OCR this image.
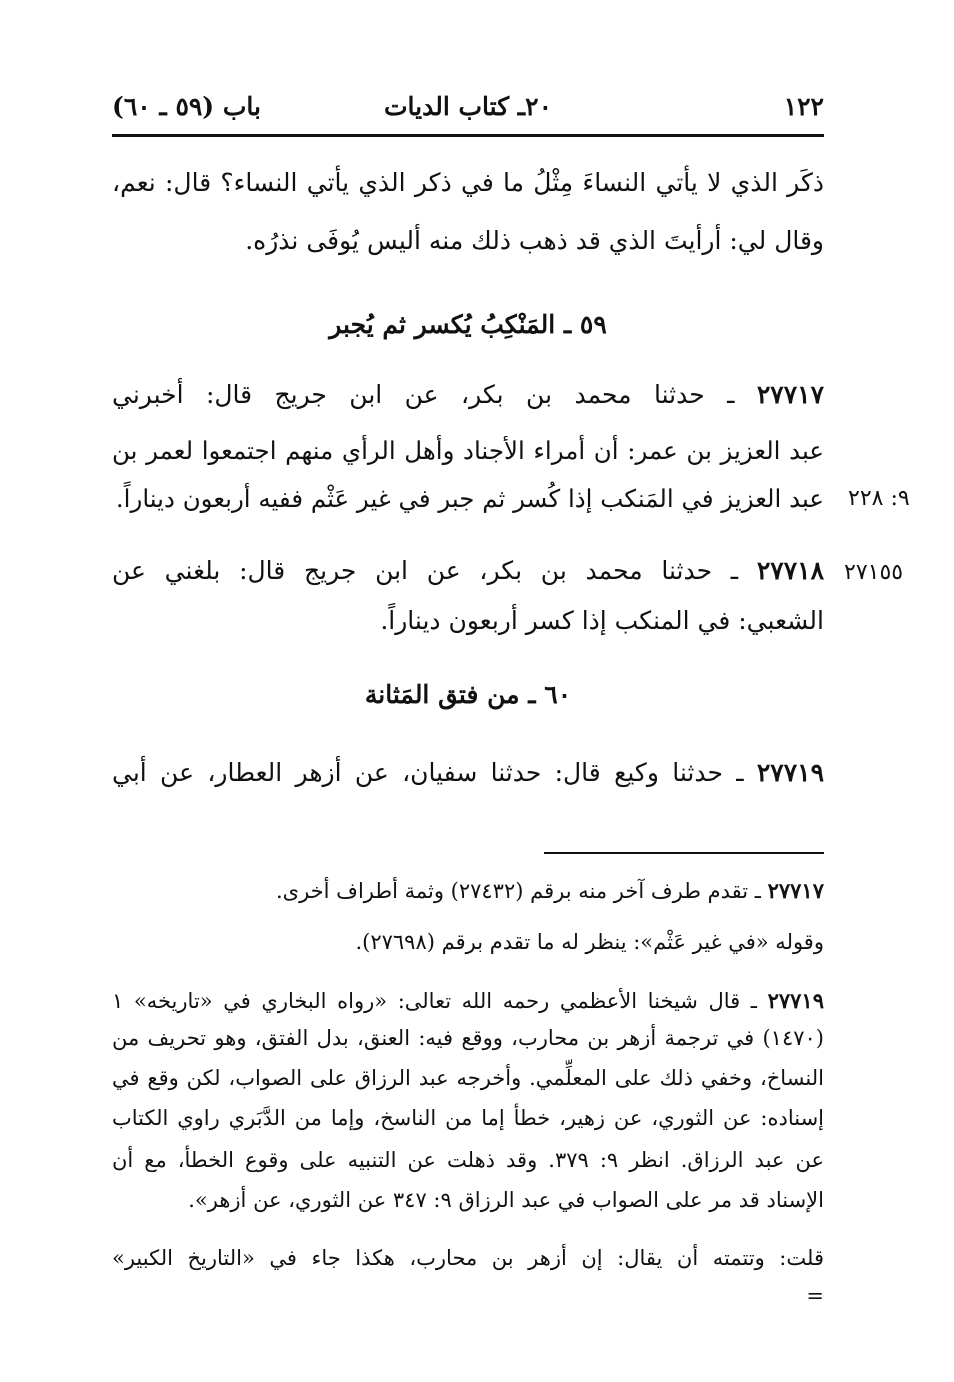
١٢٢
٢٠ـ كتاب الديات
باب (٥٩ ـ ٦٠)
ذكَر الذي لا يأتي النساءَ مِثْلُ ما في ذكر الذي يأتي النساء؟ قال: نعم،
وقال لي: أرأيتَ الذي قد ذهب ذلك منه أليس يُوفَى نذرُه.
٥٩ ـ المَنْكِبُ يُكسر ثم يُجبر
٢٧٧١٧ ـ حدثنا محمد بن بكر، عن ابن جريج قال: أخبرني
عبد العزيز بن عمر: أن أمراء الأجناد وأهل الرأي منهم اجتمعوا لعمر بن
عبد العزيز في المَنكب إذا كُسر ثم جبر في غير عَثْم ففيه أربعون ديناراً. ٩: ٢٢٨
٢٧٧١٨ ـ حدثنا محمد بن بكر، عن ابن جريج قال: بلغني عن
الشعبي: في المنكب إذا كسر أربعون ديناراً.
٢٧١٥٥
٦٠ ـ من فتق المَثانة
٢٧٧١٩ ـ حدثنا وكيع قال: حدثنا سفيان، عن أزهر العطار، عن أبي
٢٧٧١٧ ـ تقدم طرف آخر منه برقم (٢٧٤٣٢) وثمة أطراف أخرى.
وقوله «في غير عَثْم»: ينظر له ما تقدم برقم (٢٧٦٩٨).
٢٧٧١٩ ـ قال شيخنا الأعظمي رحمه الله تعالى: «رواه البخاري في «تاريخه» ١
(١٤٧٠) في ترجمة أزهر بن محارب، ووقع فيه: العنق، بدل الفتق، وهو تحريف من
النساخ، وخفي ذلك على المعلِّمي. وأخرجه عبد الرزاق على الصواب، لكن وقع في
إسناده: عن الثوري، عن زهير، خطأ إما من الناسخ، وإما من الدَّبَري راوي الكتاب
عن عبد الرزاق. انظر ٩: ٣٧٩. وقد ذهلت عن التنبيه على وقوع الخطأ، مع أن
الإسناد قد مر على الصواب في عبد الرزاق ٩: ٣٤٧ عن الثوري، عن أزهر».
قلت: وتتمته أن يقال: إن أزهر بن محارب، هكذا جاء في «التاريخ الكبير»
=
